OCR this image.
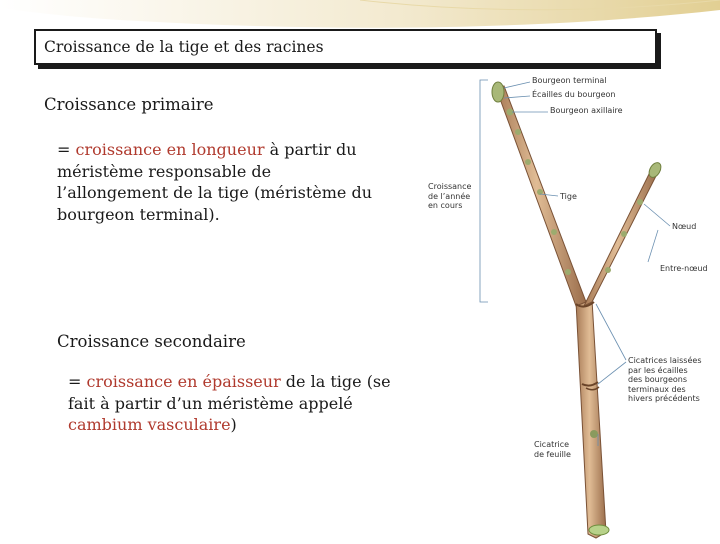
Croissance de la tige et des racines
Croissance primaire
= croissance en longueur à partir du méristème responsable de l’allongement de la tige (méristème du bourgeon terminal).
Croissance secondaire
= croissance en épaisseur de la tige (se fait à partir d’un méristème appelé cambium vasculaire)
Bourgeon terminal
Écailles du bourgeon
Bourgeon axillaire
Croissance
de l’année
en cours
Tige
Nœud
Entre-nœud
Cicatrices laissées
par les écailles
des bourgeons
terminaux des
hivers précédents
Cicatrice
de feuille
